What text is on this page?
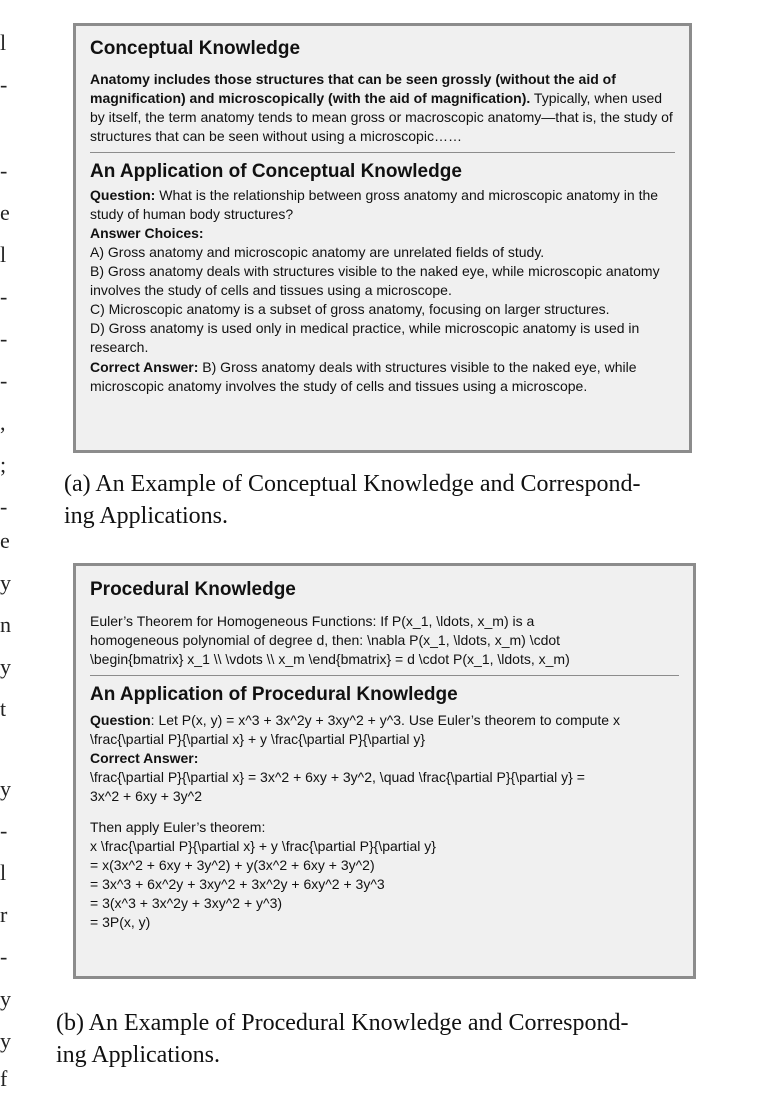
l
-
-
e
l
-
-
-
,
;
-
e
y
n
y
t
y
-
l
r
-
y
y
f

Conceptual Knowledge

Anatomy includes those structures that can be seen grossly (without the aid of magnification) and microscopically (with the aid of magnification). Typically, when used by itself, the term anatomy tends to mean gross or macroscopic anatomy—that is, the study of structures that can be seen without using a microscopic……

An Application of Conceptual Knowledge

Question: What is the relationship between gross anatomy and microscopic anatomy in the study of human body structures?

Answer Choices:

A) Gross anatomy and microscopic anatomy are unrelated fields of study.

B) Gross anatomy deals with structures visible to the naked eye, while microscopic anatomy involves the study of cells and tissues using a microscope.

C) Microscopic anatomy is a subset of gross anatomy, focusing on larger structures.

D) Gross anatomy is used only in medical practice, while microscopic anatomy is used in research.

Correct Answer: B) Gross anatomy deals with structures visible to the naked eye, while microscopic anatomy involves the study of cells and tissues using a microscope.

(a) An Example of Conceptual Knowledge and Correspond-
ing Applications.

Procedural Knowledge

Euler’s Theorem for Homogeneous Functions: If P(x_1, \ldots, x_m) is a

homogeneous polynomial of degree d, then: \nabla P(x_1, \ldots, x_m) \cdot

\begin{bmatrix} x_1 \\ \vdots \\ x_m \end{bmatrix} = d \cdot P(x_1, \ldots, x_m)

An Application of Procedural Knowledge

Question: Let P(x, y) = x^3 + 3x^2y + 3xy^2 + y^3. Use Euler’s theorem to compute x \frac{\partial P}{\partial x} + y \frac{\partial P}{\partial y}

Correct Answer:

\frac{\partial P}{\partial x} = 3x^2 + 6xy + 3y^2, \quad \frac{\partial P}{\partial y} =

3x^2 + 6xy + 3y^2

Then apply Euler’s theorem:

x \frac{\partial P}{\partial x} + y \frac{\partial P}{\partial y}

= x(3x^2 + 6xy + 3y^2) + y(3x^2 + 6xy + 3y^2)

= 3x^3 + 6x^2y + 3xy^2 + 3x^2y + 6xy^2 + 3y^3

= 3(x^3 + 3x^2y + 3xy^2 + y^3)

= 3P(x, y)

(b) An Example of Procedural Knowledge and Correspond-
ing Applications.
